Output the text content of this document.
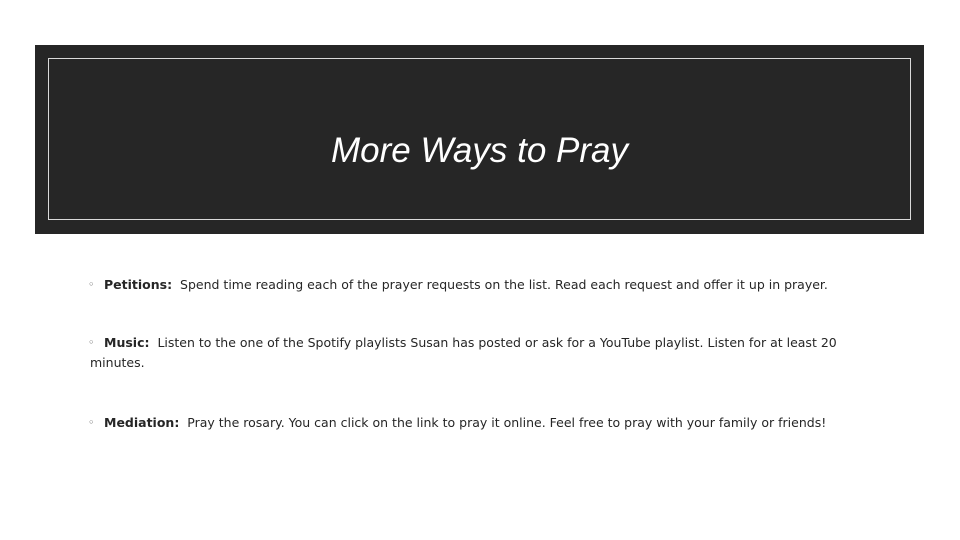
More Ways to Pray

◦ Petitions: Spend time reading each of the prayer requests on the list. Read each request and offer it up in prayer.

◦ Music: Listen to the one of the Spotify playlists Susan has posted or ask for a YouTube playlist. Listen for at least 20 minutes.

◦ Mediation: Pray the rosary. You can click on the link to pray it online. Feel free to pray with your family or friends!
